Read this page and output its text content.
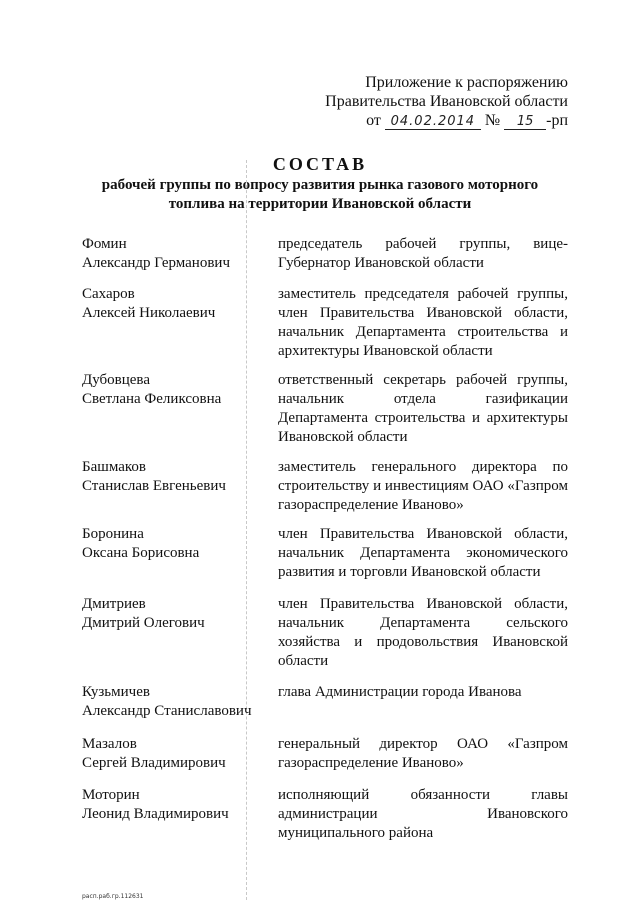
Приложение к распоряжению
Правительства Ивановской области
от 04.02.2014 № 15 -рп
СОСТАВ
рабочей группы по вопросу развития рынка газового моторного топлива на территории Ивановской области
Фомин
Александр Германович
председатель рабочей группы, вице-Губернатор Ивановской области
Сахаров
Алексей Николаевич
заместитель председателя рабочей группы, член Правительства Ивановской области, начальник Департамента строительства и архитектуры Ивановской области
Дубовцева
Светлана Феликсовна
ответственный секретарь рабочей группы, начальник отдела газификации Департамента строительства и архитектуры Ивановской области
Башмаков
Станислав Евгеньевич
заместитель генерального директора по строительству и инвестициям ОАО «Газпром газораспределение Иваново»
Боронина
Оксана Борисовна
член Правительства Ивановской области, начальник Департамента экономического развития и торговли Ивановской области
Дмитриев
Дмитрий Олегович
член Правительства Ивановской области, начальник Департамента сельского хозяйства и продовольствия Ивановской области
Кузьмичев
Александр Станиславович
глава Администрации города Иванова
Мазалов
Сергей Владимирович
генеральный директор ОАО «Газпром газораспределение Иваново»
Моторин
Леонид Владимирович
исполняющий обязанности главы администрации Ивановского муниципального района
расп.раб.гр.112631
